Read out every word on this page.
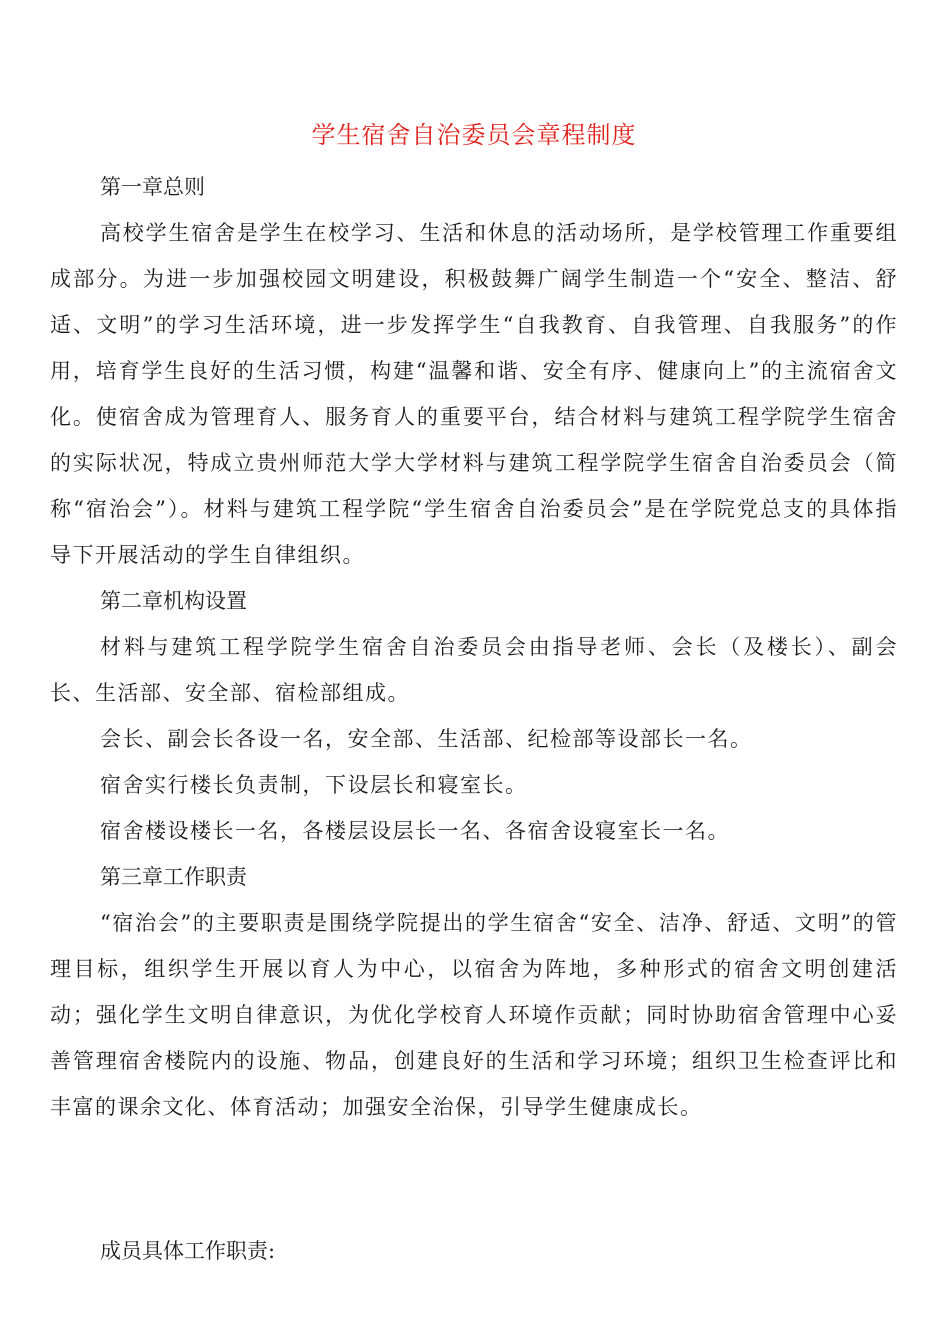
学生宿舍自治委员会章程制度

第一章总则

高校学生宿舍是学生在校学习、生活和休息的活动场所，是学校管理工作重要组成部分。为进一步加强校园文明建设，积极鼓舞广阔学生制造一个“安全、整洁、舒适、文明”的学习生活环境，进一步发挥学生“自我教育、自我管理、自我服务”的作用，培育学生良好的生活习惯，构建“温馨和谐、安全有序、健康向上”的主流宿舍文化。使宿舍成为管理育人、服务育人的重要平台，结合材料与建筑工程学院学生宿舍的实际状况，特成立贵州师范大学大学材料与建筑工程学院学生宿舍自治委员会（简称“宿治会”）。材料与建筑工程学院“学生宿舍自治委员会”是在学院党总支的具体指导下开展活动的学生自律组织。

第二章机构设置

材料与建筑工程学院学生宿舍自治委员会由指导老师、会长（及楼长）、副会长、生活部、安全部、宿检部组成。

会长、副会长各设一名，安全部、生活部、纪检部等设部长一名。

宿舍实行楼长负责制，下设层长和寝室长。

宿舍楼设楼长一名，各楼层设层长一名、各宿舍设寝室长一名。

第三章工作职责

“宿治会”的主要职责是围绕学院提出的学生宿舍“安全、洁净、舒适、文明”的管理目标，组织学生开展以育人为中心，以宿舍为阵地，多种形式的宿舍文明创建活动；强化学生文明自律意识，为优化学校育人环境作贡献；同时协助宿舍管理中心妥善管理宿舍楼院内的设施、物品，创建良好的生活和学习环境；组织卫生检查评比和丰富的课余文化、体育活动；加强安全治保，引导学生健康成长。

成员具体工作职责:
